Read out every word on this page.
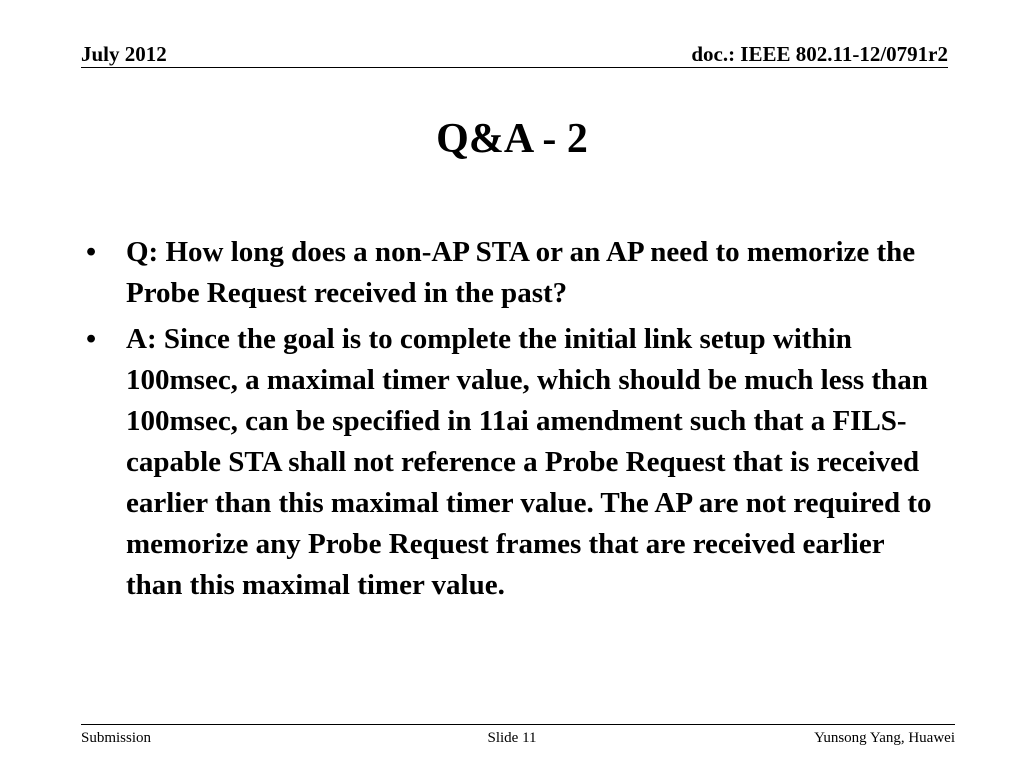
July 2012	doc.: IEEE 802.11-12/0791r2
Q&A - 2
•	Q: How long does a non-AP STA or an AP need to memorize the Probe Request received in the past?
•	A: Since the goal is to complete the initial link setup within 100msec, a maximal timer value, which should be much less than 100msec, can be specified in 11ai amendment such that a FILS-capable STA shall not reference a Probe Request that is received earlier than this maximal timer value. The AP are not required to memorize any Probe Request frames that are received earlier than this maximal timer value.
Submission	Slide 11	Yunsong Yang, Huawei
